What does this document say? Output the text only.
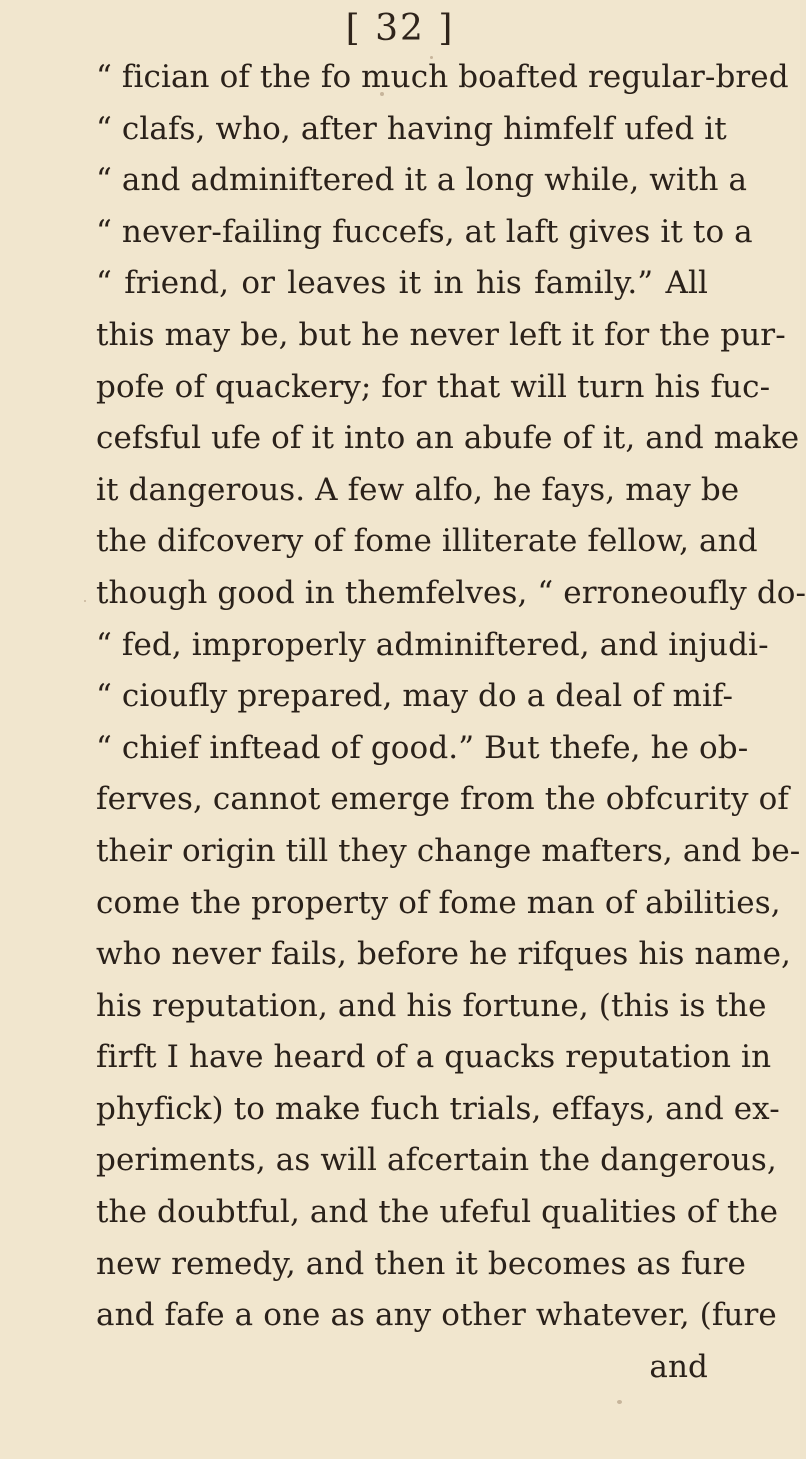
[ 32 ]
“ fician of the fo much boafted regular-bred
“ clafs, who, after having himfelf ufed it
“ and adminiftered it a long while, with a
“ never-failing fuccefs, at laft gives it to a
“ friend, or leaves it in his family.” All
this may be, but he never left it for the pur-
pofe of quackery; for that will turn his fuc-
cefsful ufe of it into an abufe of it, and make
it dangerous. A few alfo, he fays, may be
the difcovery of fome illiterate fellow, and
though good in themfelves, “ erroneoufly do-
“ fed, improperly adminiftered, and injudi-
“ cioufly prepared, may do a deal of mif-
“ chief inftead of good.” But thefe, he ob-
ferves, cannot emerge from the obfcurity of
their origin till they change mafters, and be-
come the property of fome man of abilities,
who never fails, before he rifques his name,
his reputation, and his fortune, (this is the
firft I have heard of a quacks reputation in
phyfick) to make fuch trials, effays, and ex-
periments, as will afcertain the dangerous,
the doubtful, and the ufeful qualities of the
new remedy, and then it becomes as fure
and fafe a one as any other whatever, (fure
and
